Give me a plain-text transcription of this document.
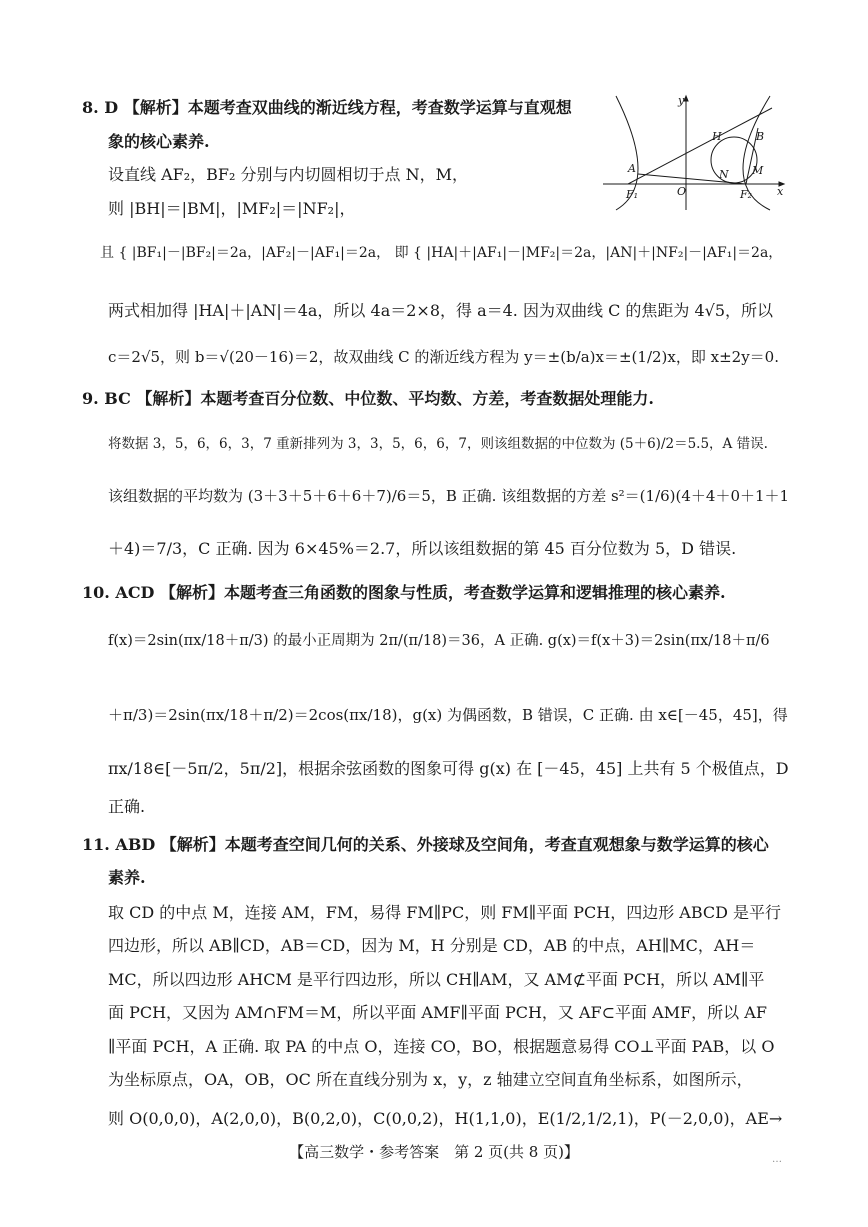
8. D 【解析】本题考查双曲线的渐近线方程，考查数学运算与直观想
象的核心素养.
设直线 AF₂，BF₂ 分别与内切圆相切于点 N，M，
则 |BH|＝|BM|，|MF₂|＝|NF₂|，
且 { |BF₁|－|BF₂|＝2a，|AF₂|－|AF₁|＝2a， 即 { |HA|＋|AF₁|－|MF₂|＝2a，|AN|＋|NF₂|－|AF₁|＝2a，
两式相加得 |HA|＋|AN|＝4a，所以 4a＝2×8，得 a＝4. 因为双曲线 C 的焦距为 4√5，所以
c＝2√5，则 b＝√(20－16)＝2，故双曲线 C 的渐近线方程为 y＝±(b/a)x＝±(1/2)x，即 x±2y＝0.
9. BC 【解析】本题考查百分位数、中位数、平均数、方差，考查数据处理能力.
将数据 3，5，6，6，3，7 重新排列为 3，3，5，6，6，7，则该组数据的中位数为 (5＋6)/2＝5.5，A 错误.
该组数据的平均数为 (3＋3＋5＋6＋6＋7)/6＝5，B 正确. 该组数据的方差 s²＝(1/6)(4＋4＋0＋1＋1
＋4)＝7/3，C 正确. 因为 6×45%＝2.7，所以该组数据的第 45 百分位数为 5，D 错误.
10. ACD 【解析】本题考查三角函数的图象与性质，考查数学运算和逻辑推理的核心素养.
f(x)＝2sin(πx/18＋π/3) 的最小正周期为 2π/(π/18)＝36，A 正确. g(x)＝f(x＋3)＝2sin(πx/18＋π/6
＋π/3)＝2sin(πx/18＋π/2)＝2cos(πx/18)，g(x) 为偶函数，B 错误，C 正确. 由 x∈[－45，45]，得
πx/18∈[－5π/2，5π/2]，根据余弦函数的图象可得 g(x) 在 [－45，45] 上共有 5 个极值点，D
正确.
11. ABD 【解析】本题考查空间几何的关系、外接球及空间角，考查直观想象与数学运算的核心
素养.
取 CD 的中点 M，连接 AM，FM，易得 FM∥PC，则 FM∥平面 PCH，四边形 ABCD 是平行
四边形，所以 AB∥CD，AB＝CD，因为 M，H 分别是 CD，AB 的中点，AH∥MC，AH＝
MC，所以四边形 AHCM 是平行四边形，所以 CH∥AM，又 AM⊄平面 PCH，所以 AM∥平
面 PCH，又因为 AM∩FM＝M，所以平面 AMF∥平面 PCH，又 AF⊂平面 AMF，所以 AF
∥平面 PCH，A 正确. 取 PA 的中点 O，连接 CO，BO，根据题意易得 CO⊥平面 PAB，以 O
为坐标原点，OA，OB，OC 所在直线分别为 x，y，z 轴建立空间直角坐标系，如图所示，
则 O(0,0,0)，A(2,0,0)，B(0,2,0)，C(0,0,2)，H(1,1,0)，E(1/2,1/2,1)，P(－2,0,0)，AE→
y
x
H	B
M
A	N
O
F₁	F₂
【高三数学・参考答案　第 2 页(共 8 页)】	…
